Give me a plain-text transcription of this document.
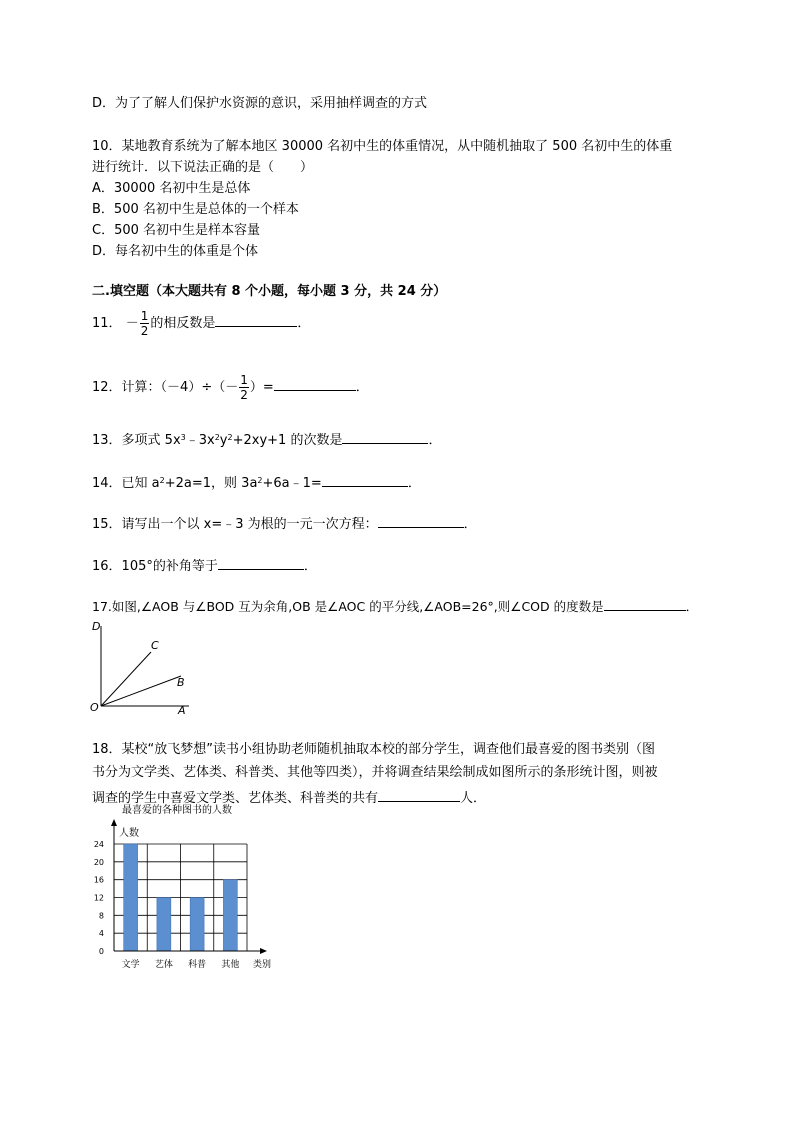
D．为了了解人们保护水资源的意识，采用抽样调查的方式
10．某地教育系统为了解本地区 30000 名初中生的体重情况，从中随机抽取了 500 名初中生的体重
进行统计．以下说法正确的是（　　）
A．30000 名初中生是总体
B．500 名初中生是总体的一个样本
C．500 名初中生是样本容量
D．每名初中生的体重是个体
二.填空题（本大题共有 8 个小题，每小题 3 分，共 24 分）
11． － $\frac{1}{2}$ 的相反数是	．
12．计算：$(-4)\div(- \frac{1}{2}$ ）=	．
13．多项式 $5x^3﹣3x^2y^2+2xy+1$ 的次数是	．
14．已知 $a^2+2a=1$，则 $3a^2+6a﹣1=$	．
15．请写出一个以 x=﹣3 为根的一元一次方程：	．
16．105°的补角等于	．
17.如图,∠AOB 与∠BOD 互为余角,OB 是∠AOC 的平分线,∠AOB=26°,则∠COD 的度数是	．
D
C
B
O	A
18．某校“放飞梦想”读书小组协助老师随机抽取本校的部分学生，调查他们最喜爱的图书类别（图
书分为文学类、艺体类、科普类、其他等四类），并将调查结果绘制成如图所示的条形统计图，则被
调查的学生中喜爱文学类、艺体类、科普类的共有	人．
最喜爱的各种图书的人数
人数
类别
0
4
8
12
16
20
24
文学 艺体 科普 其他
